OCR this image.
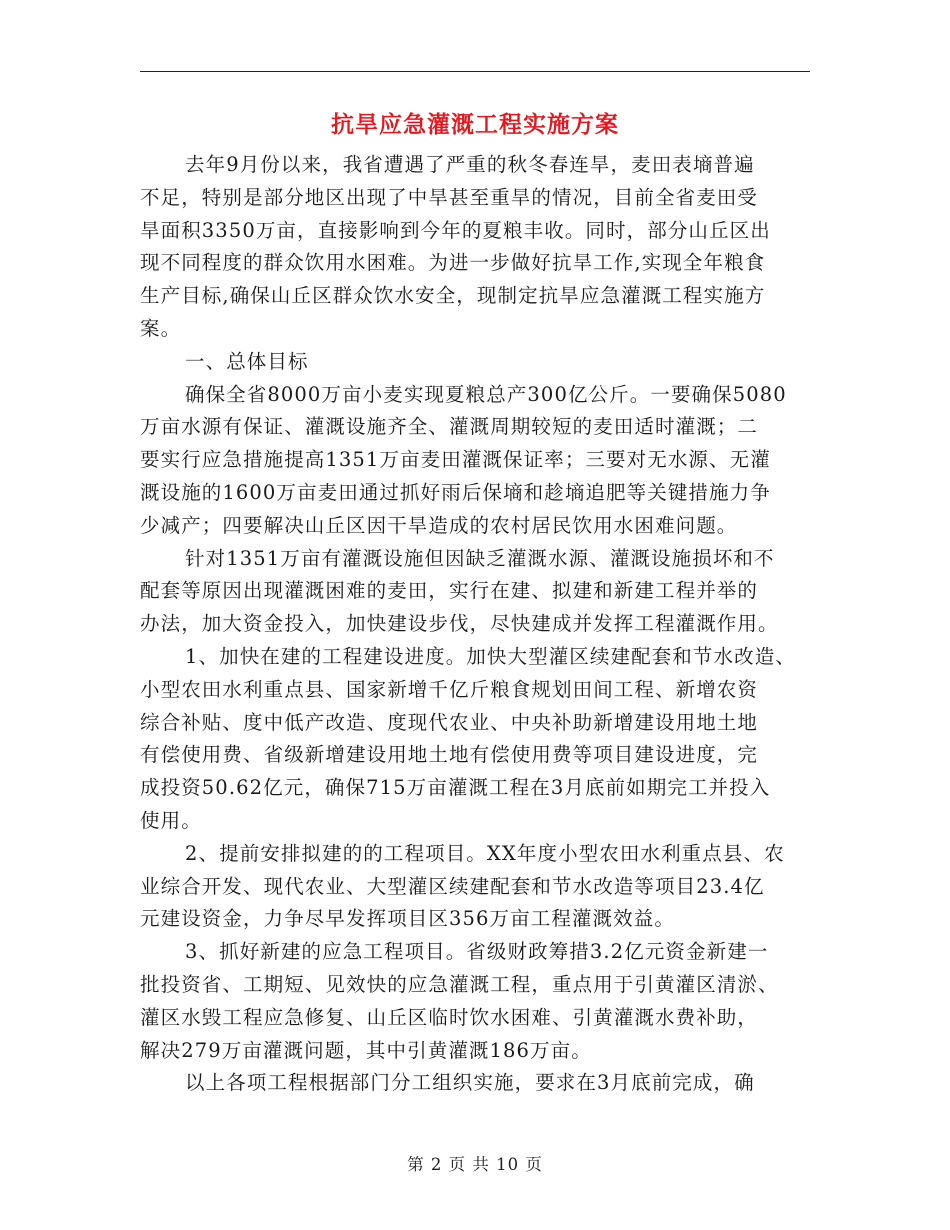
抗旱应急灌溉工程实施方案
去年9月份以来，我省遭遇了严重的秋冬春连旱，麦田表墒普遍
不足，特别是部分地区出现了中旱甚至重旱的情况，目前全省麦田受
旱面积3350万亩，直接影响到今年的夏粮丰收。同时，部分山丘区出
现不同程度的群众饮用水困难。为进一步做好抗旱工作,实现全年粮食
生产目标,确保山丘区群众饮水安全，现制定抗旱应急灌溉工程实施方
案。
一、总体目标
确保全省8000万亩小麦实现夏粮总产300亿公斤。一要确保5080
万亩水源有保证、灌溉设施齐全、灌溉周期较短的麦田适时灌溉；二
要实行应急措施提高1351万亩麦田灌溉保证率；三要对无水源、无灌
溉设施的1600万亩麦田通过抓好雨后保墒和趁墒追肥等关键措施力争
少减产；四要解决山丘区因干旱造成的农村居民饮用水困难问题。
针对1351万亩有灌溉设施但因缺乏灌溉水源、灌溉设施损坏和不
配套等原因出现灌溉困难的麦田，实行在建、拟建和新建工程并举的
办法，加大资金投入，加快建设步伐，尽快建成并发挥工程灌溉作用。
1、加快在建的工程建设进度。加快大型灌区续建配套和节水改造、
小型农田水利重点县、国家新增千亿斤粮食规划田间工程、新增农资
综合补贴、度中低产改造、度现代农业、中央补助新增建设用地土地
有偿使用费、省级新增建设用地土地有偿使用费等项目建设进度，完
成投资50.62亿元，确保715万亩灌溉工程在3月底前如期完工并投入
使用。
2、提前安排拟建的的工程项目。XX年度小型农田水利重点县、农
业综合开发、现代农业、大型灌区续建配套和节水改造等项目23.4亿
元建设资金，力争尽早发挥项目区356万亩工程灌溉效益。
3、抓好新建的应急工程项目。省级财政筹措3.2亿元资金新建一
批投资省、工期短、见效快的应急灌溉工程，重点用于引黄灌区清淤、
灌区水毁工程应急修复、山丘区临时饮水困难、引黄灌溉水费补助，
解决279万亩灌溉问题，其中引黄灌溉186万亩。
以上各项工程根据部门分工组织实施，要求在3月底前完成，确
第 2 页 共 10 页
